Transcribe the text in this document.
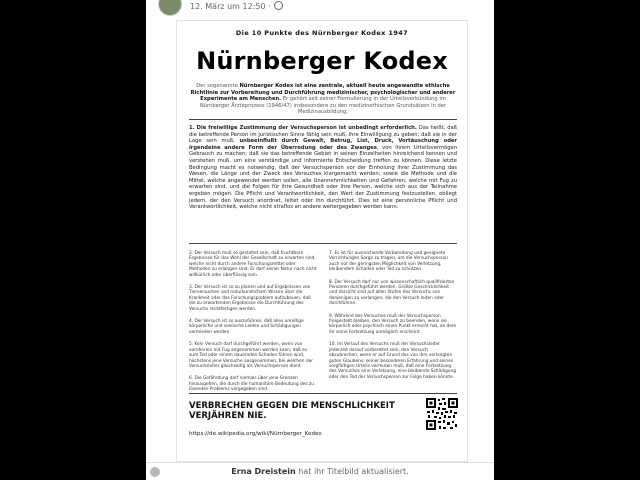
12. März um 12:50 ·
Die 10 Punkte des Nürnberger Kodex 1947
Nürnberger Kodex
Der sogenannte Nürnberger Kodex ist eine zentrale, aktuell heute angewandte ethische Richtlinie zur Vorbereitung und Durchführung medizinischer, psychologischer und anderer Experimente am Menschen. Er gehört seit seiner Formulierung in der Urteilsverkündung im Nürnberger Ärzteprozess (1946/47) insbesondere zu den medizinethischen Grundsätzen in der Medizinausbildung.
1. Die freiwillige Zustimmung der Versuchsperson ist unbedingt erforderlich. Das heißt, daß die betreffende Person im juristischen Sinne fähig sein muß, ihre Einwilligung zu geben; daß sie in der Lage sein muß, unbeeinflußt durch Gewalt, Betrug, List, Druck, Vortäuschung oder irgendeine andere Form der Überredung oder des Zwanges, von ihrem Urteilsvermögen Gebrauch zu machen; daß sie das betreffende Gebiet in seinen Einzelheiten hinreichend kennen und verstehen muß, um eine verständige und informierte Entscheidung treffen zu können. Diese letzte Bedingung macht es notwendig, daß der Versuchsperson vor der Einholung ihrer Zustimmung das Wesen, die Länge und der Zweck des Versuches klargemacht werden; sowie die Methode und die Mittel, welche angewendet werden sollen, alle Unannehmlichkeiten und Gefahren, welche mit Fug zu erwarten sind, und die Folgen für ihre Gesundheit oder ihre Person, welche sich aus der Teilnahme ergeben mögen. Die Pflicht und Verantwortlichkeit, den Wert der Zustimmung festzustellen, obliegt jedem, der den Versuch anordnet, leitet oder ihn durchführt. Dies ist eine persönliche Pflicht und Verantwortlichkeit, welche nicht straflos an andere weitergegeben werden kann.

2. Der Versuch muß so gestaltet sein, daß fruchtbare Ergebnisse für das Wohl der Gesellschaft zu erwarten sind, welche nicht durch andere Forschungsmittel oder Methoden zu erlangen sind. Er darf seiner Natur nach nicht willkürlich oder überflüssig sein.

3. Der Versuch ist so zu planen und auf Ergebnissen von Tierversuchen und naturkundlichem Wissen über die Krankheit oder das Forschungsproblem aufzubauen, daß die zu erwartenden Ergebnisse die Durchführung des Versuchs rechtfertigen werden.

4. Der Versuch ist so auszuführen, daß alles unnötige körperliche und seelische Leiden und Schädigungen vermieden werden.

5. Kein Versuch darf durchgeführt werden, wenn von vornherein mit Fug angenommen werden kann, daß es zum Tod oder einem dauernden Schaden führen wird, höchstens jene Versuche ausgenommen, bei welchen der Versuchsleiter gleichzeitig als Versuchsperson dient.

6. Die Gefährdung darf niemals über jene Grenzen hinausgehen, die durch die humanitäre Bedeutung des zu lösenden Problems vorgegeben sind.

7. Es ist für ausreichende Vorbereitung und geeignete Vorrichtungen Sorge zu tragen, um die Versuchsperson auch vor der geringsten Möglichkeit von Verletzung, bleibendem Schaden oder Tod zu schützen.

8. Der Versuch darf nur von wissenschaftlich qualifizierten Personen durchgeführt werden. Größte Geschicklichkeit und Vorsicht sind auf allen Stufen des Versuchs von denjenigen zu verlangen, die den Versuch leiten oder durchführen.

9. Während des Versuches muß der Versuchsperson freigestellt bleiben, den Versuch zu beenden, wenn sie körperlich oder psychisch einen Punkt erreicht hat, an dem ihr seine Fortsetzung unmöglich erscheint.

10. Im Verlauf des Versuchs muß der Versuchsleiter jederzeit darauf vorbereitet sein, den Versuch abzubrechen, wenn er auf Grund des von ihm verlangten guten Glaubens, seiner besonderen Erfahrung und seines sorgfältigen Urteils vermuten muß, daß eine Fortsetzung des Versuches eine Verletzung, eine bleibende Schädigung oder den Tod der Versuchsperson zur Folge haben könnte.

VERBRECHEN GEGEN DIE MENSCHLICHKEIT
VERJÄHREN NIE.
https://de.wikipedia.org/wiki/Nürnberger_Kodex
Erna Dreistein hat ihr Titelbild aktualisiert.
